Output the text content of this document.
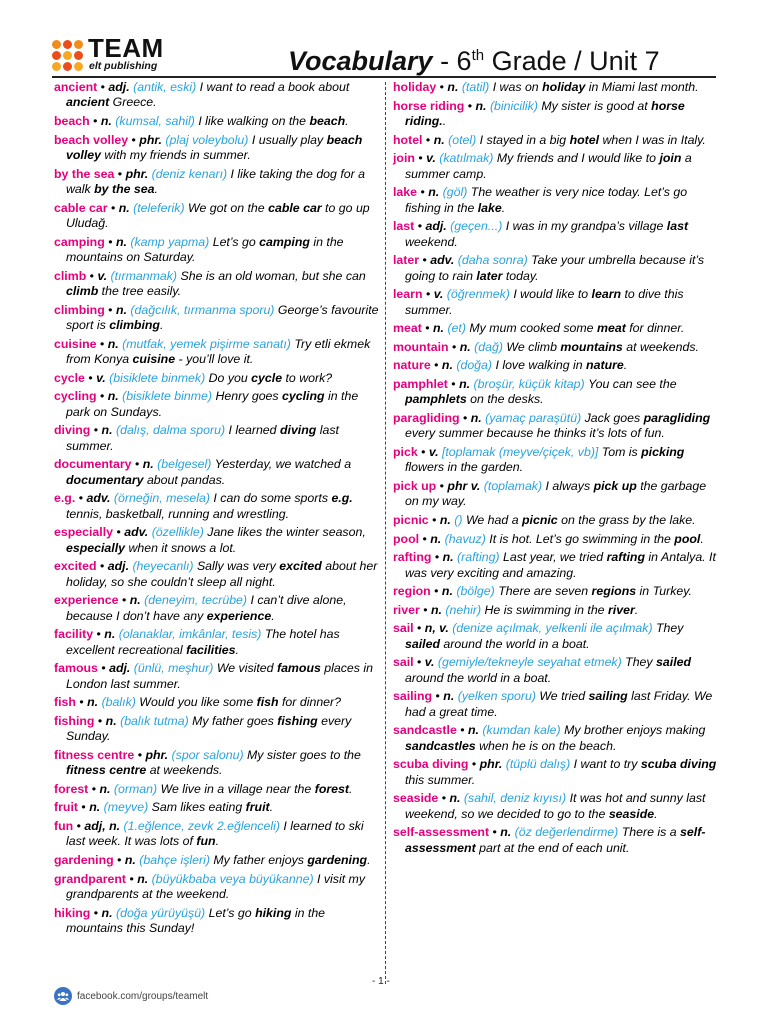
TEAM
elt publishing	Vocabulary - 6th Grade / Unit 7
ancient • adj. (antik, eski) I want to read a book about ancient Greece.
beach • n. (kumsal, sahil) I like walking on the beach.
beach volley • phr. (plaj voleybolu) I usually play beach volley with my friends in summer.
by the sea • phr. (deniz kenarı) I like taking the dog for a walk by the sea.
cable car • n. (teleferik) We got on the cable car to go up Uludağ.
camping • n. (kamp yapma) Let’s go camping in the mountains on Saturday.
climb • v. (tırmanmak) She is an old woman, but she can climb the tree easily.
climbing • n. (dağcılık, tırmanma sporu) George’s favourite sport is climbing.
cuisine • n. (mutfak, yemek pişirme sanatı) Try etli ekmek from Konya cuisine - you’ll love it.
cycle • v. (bisiklete binmek) Do you cycle to work?
cycling • n. (bisiklete binme) Henry goes cycling in the park on Sundays.
diving • n. (dalış, dalma sporu) I learned diving last summer.
documentary • n. (belgesel) Yesterday, we watched a documentary about pandas.
e.g. • adv. (örneğin, mesela) I can do some sports e.g. tennis, basketball, running and wrestling.
especially • adv. (özellikle) Jane likes the winter season, especially when it snows a lot.
excited • adj. (heyecanlı) Sally was very excited about her holiday, so she couldn’t sleep all night.
experience • n. (deneyim, tecrübe) I can’t dive alone, because I don’t have any experience.
facility • n. (olanaklar, imkânlar, tesis) The hotel has excellent recreational facilities.
famous • adj. (ünlü, meşhur) We visited famous places in London last summer.
fish • n. (balık) Would you like some fish for dinner?
fishing • n. (balık tutma) My father goes fishing every Sunday.
fitness centre • phr. (spor salonu) My sister goes to the fitness centre at weekends.
forest • n. (orman) We live in a village near the forest.
fruit • n. (meyve) Sam likes eating fruit.
fun • adj, n. (1.eğlence, zevk 2.eğlenceli) I learned to ski last week. It was lots of fun.
gardening • n. (bahçe işleri) My father enjoys gardening.
grandparent • n. (büyükbaba veya büyükanne) I visit my grandparents at the weekend.
hiking • n. (doğa yürüyüşü) Let’s go hiking in the mountains this Sunday!
holiday • n. (tatil) I was on holiday in Miami last month.
horse riding • n. (binicilik) My sister is good at horse riding..
hotel • n. (otel) I stayed in a big hotel when I was in Italy.
join • v. (katılmak) My friends and I would like to join a summer camp.
lake • n. (göl) The weather is very nice today. Let’s go fishing in the lake.
last • adj. (geçen...) I was in my grandpa’s village last weekend.
later • adv. (daha sonra) Take your umbrella because it’s going to rain later today.
learn • v. (öğrenmek) I would like to learn to dive this summer.
meat • n. (et) My mum cooked some meat for dinner.
mountain • n. (dağ) We climb mountains at weekends.
nature • n. (doğa) I love walking in nature.
pamphlet • n. (broşür, küçük kitap) You can see the pamphlets on the desks.
paragliding • n. (yamaç paraşütü) Jack goes paragliding every summer because he thinks it’s lots of fun.
pick • v. [toplamak (meyve/çiçek, vb)] Tom is picking flowers in the garden.
pick up • phr v. (toplamak) I always pick up the garbage on my way.
picnic • n. () We had a picnic on the grass by the lake.
pool • n. (havuz) It is hot. Let’s go swimming in the pool.
rafting • n. (rafting) Last year, we tried rafting in Antalya. It was very exciting and amazing.
region • n. (bölge) There are seven regions in Turkey.
river • n. (nehir) He is swimming in the river.
sail • n, v. (denize açılmak, yelkenli ile açılmak) They sailed around the world in a boat.
sail • v. (gemiyle/tekneyle seyahat etmek) They sailed around the world in a boat.
sailing • n. (yelken sporu) We tried sailing last Friday. We had a great time.
sandcastle • n. (kumdan kale) My brother enjoys making sandcastles when he is on the beach.
scuba diving • phr. (tüplü dalış) I want to try scuba diving this summer.
seaside • n. (sahil, deniz kıyısı) It was hot and sunny last weekend, so we decided to go to the seaside.
self-assessment • n. (öz değerlendirme) There is a self-assessment part at the end of each unit.
- 1 -
facebook.com/groups/teamelt
